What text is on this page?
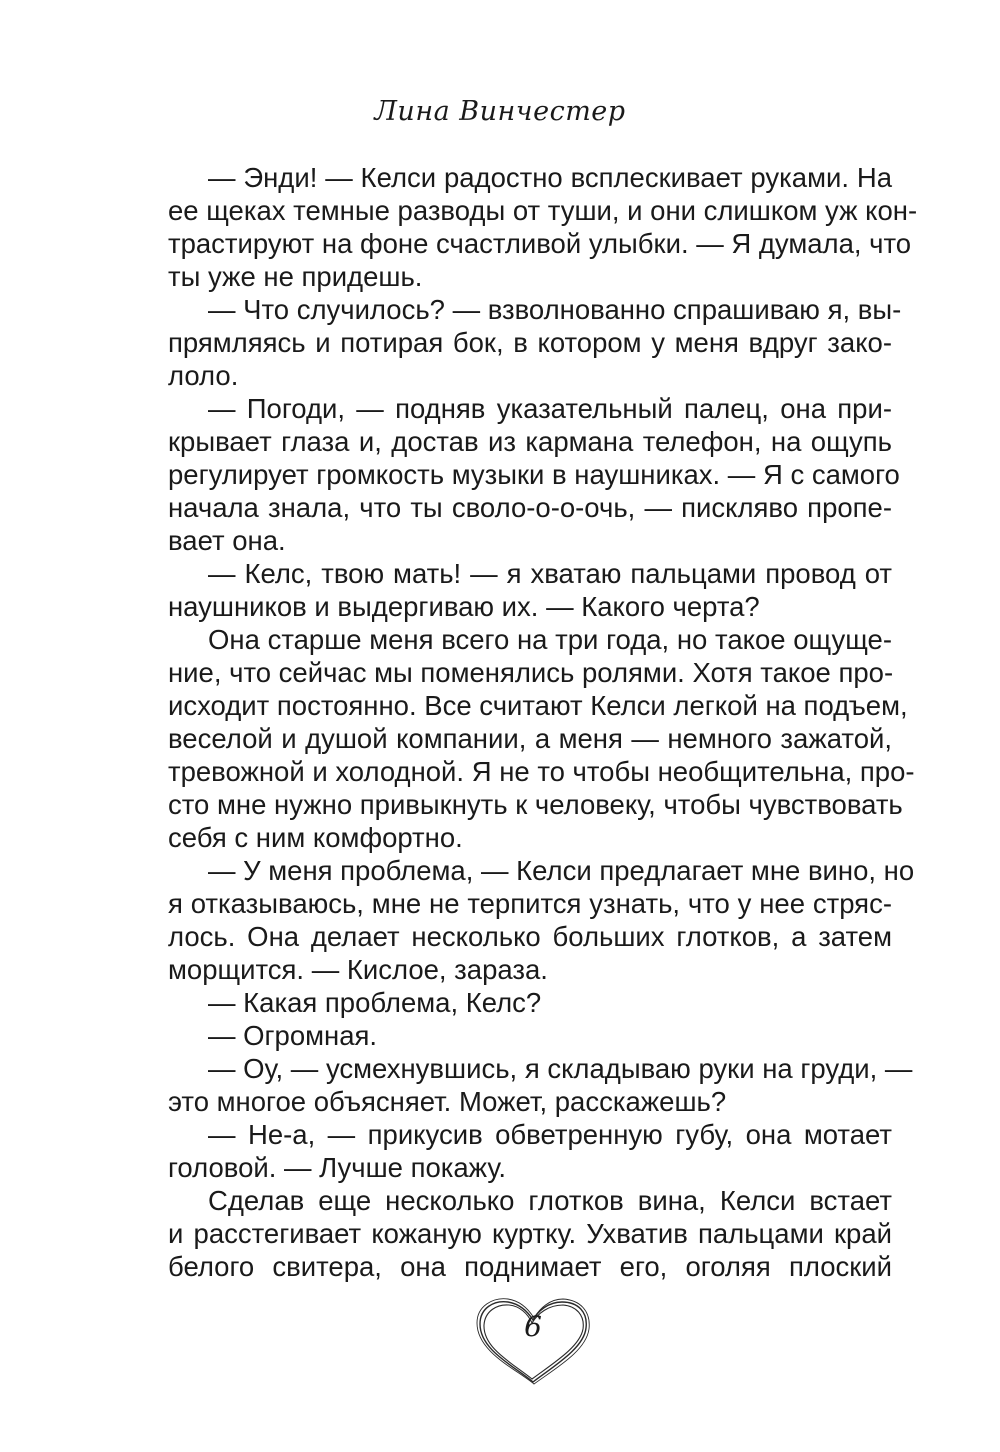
Лина Винчестер
— Энди! — Келси радостно всплескивает руками. На
ее щеках темные разводы от туши, и они слишком уж кон-
трастируют на фоне счастливой улыбки. — Я думала, что
ты уже не придешь.
— Что случилось? — взволнованно спрашиваю я, вы-
прямляясь и потирая бок, в котором у меня вдруг зако-
лоло.
— Погоди, — подняв указательный палец, она при-
крывает глаза и, достав из кармана телефон, на ощупь
регулирует громкость музыки в наушниках. — Я с самого
начала знала, что ты своло-о-о-очь, — пискляво пропе-
вает она.
— Келс, твою мать! — я хватаю пальцами провод от
наушников и выдергиваю их. — Какого черта?
Она старше меня всего на три года, но такое ощуще-
ние, что сейчас мы поменялись ролями. Хотя такое про-
исходит постоянно. Все считают Келси легкой на подъем,
веселой и душой компании, а меня — немного зажатой,
тревожной и холодной. Я не то чтобы необщительна, про-
сто мне нужно привыкнуть к человеку, чтобы чувствовать
себя с ним комфортно.
— У меня проблема, — Келси предлагает мне вино, но
я отказываюсь, мне не терпится узнать, что у нее стряс-
лось. Она делает несколько больших глотков, а затем
морщится. — Кислое, зараза.
— Какая проблема, Келс?
— Огромная.
— Оу, — усмехнувшись, я складываю руки на груди, —
это многое объясняет. Может, расскажешь?
— Не-а, — прикусив обветренную губу, она мотает
головой. — Лучше покажу.
Сделав еще несколько глотков вина, Келси встает
и расстегивает кожаную куртку. Ухватив пальцами край
белого свитера, она поднимает его, оголяя плоский
6
